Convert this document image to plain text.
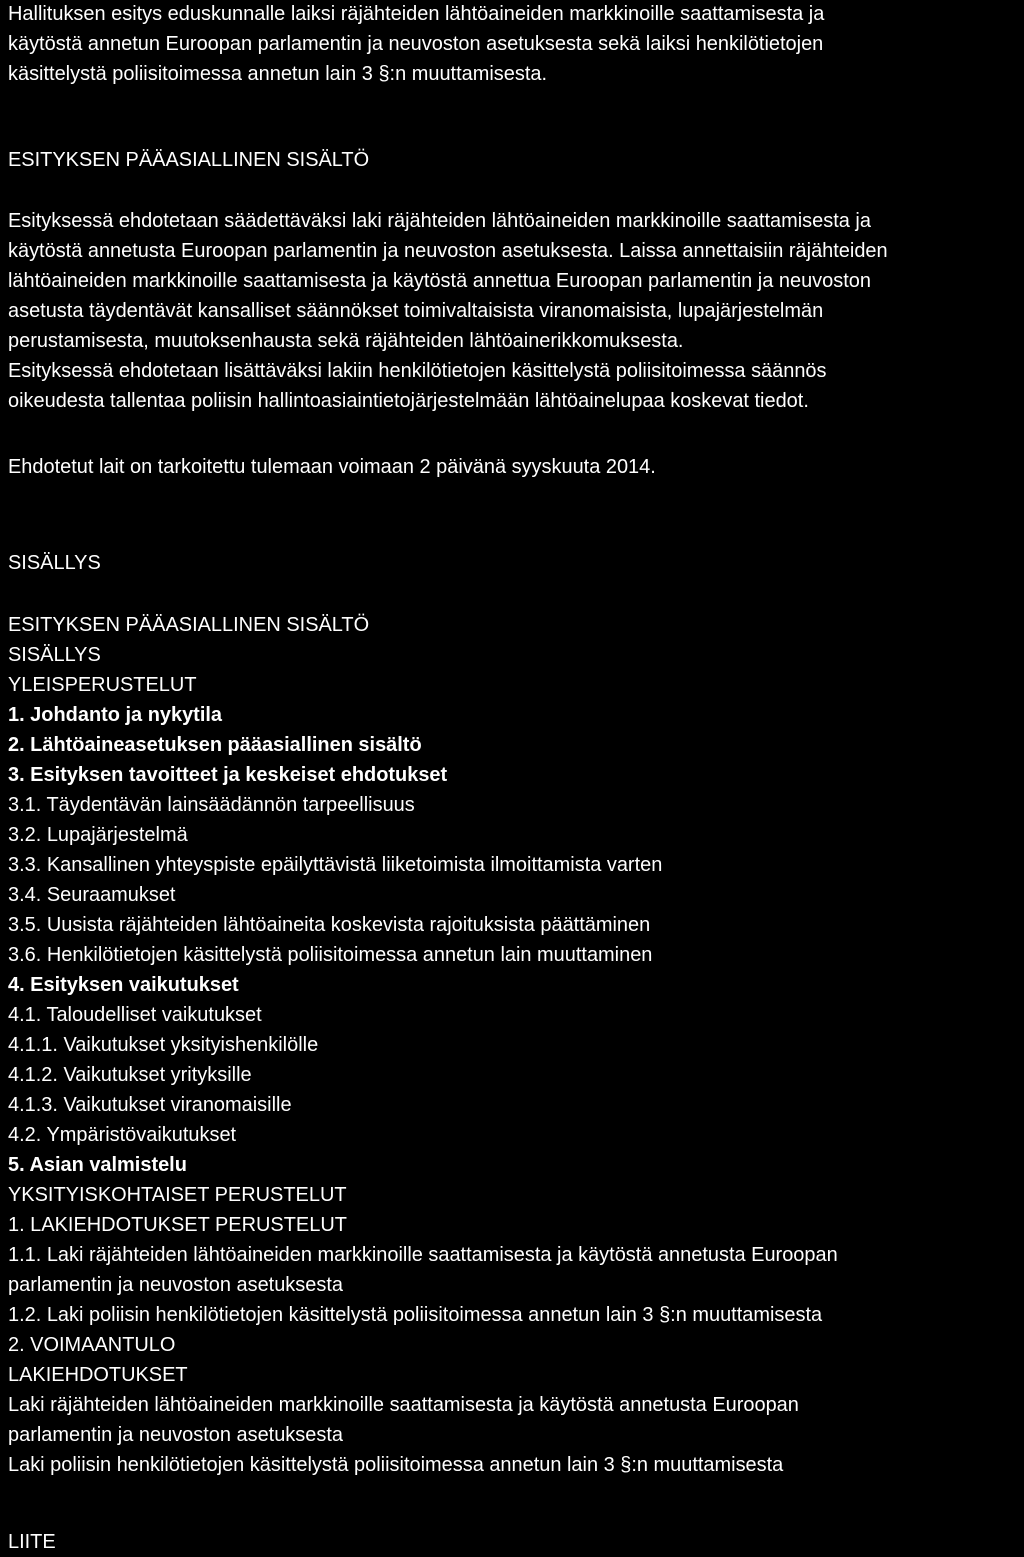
Hallituksen esitys eduskunnalle laiksi räjähteiden lähtöaineiden markkinoille saattamisesta ja
käytöstä annetun Euroopan parlamentin ja neuvoston asetuksesta sekä laiksi henkilötietojen
käsittelystä poliisitoimessa annetun lain 3 §:n muuttamisesta.
ESITYKSEN PÄÄASIALLINEN SISÄLTÖ
Esityksessä ehdotetaan säädettäväksi laki räjähteiden lähtöaineiden markkinoille saattamisesta ja
käytöstä annetusta Euroopan parlamentin ja neuvoston asetuksesta. Laissa annettaisiin räjähteiden
lähtöaineiden markkinoille saattamisesta ja käytöstä annettua Euroopan parlamentin ja neuvoston
asetusta täydentävät kansalliset säännökset toimivaltaisista viranomaisista, lupajärjestelmän
perustamisesta, muutoksenhausta sekä räjähteiden lähtöainerikkomuksesta.
Esityksessä ehdotetaan lisättäväksi lakiin henkilötietojen käsittelystä poliisitoimessa säännös
oikeudesta tallentaa poliisin hallintoasiaintietojärjestelmään lähtöainelupaa koskevat tiedot.
Ehdotetut lait on tarkoitettu tulemaan voimaan 2 päivänä syyskuuta 2014.
SISÄLLYS
ESITYKSEN PÄÄASIALLINEN SISÄLTÖ
SISÄLLYS
YLEISPERUSTELUT
1. Johdanto ja nykytila
2. Lähtöaineasetuksen pääasiallinen sisältö
3. Esityksen tavoitteet ja keskeiset ehdotukset
3.1. Täydentävän lainsäädännön tarpeellisuus
3.2. Lupajärjestelmä
3.3. Kansallinen yhteyspiste epäilyttävistä liiketoimista ilmoittamista varten
3.4. Seuraamukset
3.5. Uusista räjähteiden lähtöaineita koskevista rajoituksista päättäminen
3.6. Henkilötietojen käsittelystä poliisitoimessa annetun lain muuttaminen
4. Esityksen vaikutukset
4.1. Taloudelliset vaikutukset
4.1.1. Vaikutukset yksityishenkilölle
4.1.2. Vaikutukset yrityksille
4.1.3. Vaikutukset viranomaisille
4.2. Ympäristövaikutukset
5. Asian valmistelu
YKSITYISKOHTAISET PERUSTELUT
1. LAKIEHDOTUKSET PERUSTELUT
1.1. Laki räjähteiden lähtöaineiden markkinoille saattamisesta ja käytöstä annetusta Euroopan
parlamentin ja neuvoston asetuksesta
1.2. Laki poliisin henkilötietojen käsittelystä poliisitoimessa annetun lain 3 §:n muuttamisesta
2. VOIMAANTULO
LAKIEHDOTUKSET
Laki räjähteiden lähtöaineiden markkinoille saattamisesta ja käytöstä annetusta Euroopan
parlamentin ja neuvoston asetuksesta
Laki poliisin henkilötietojen käsittelystä poliisitoimessa annetun lain 3 §:n muuttamisesta
LIITE
